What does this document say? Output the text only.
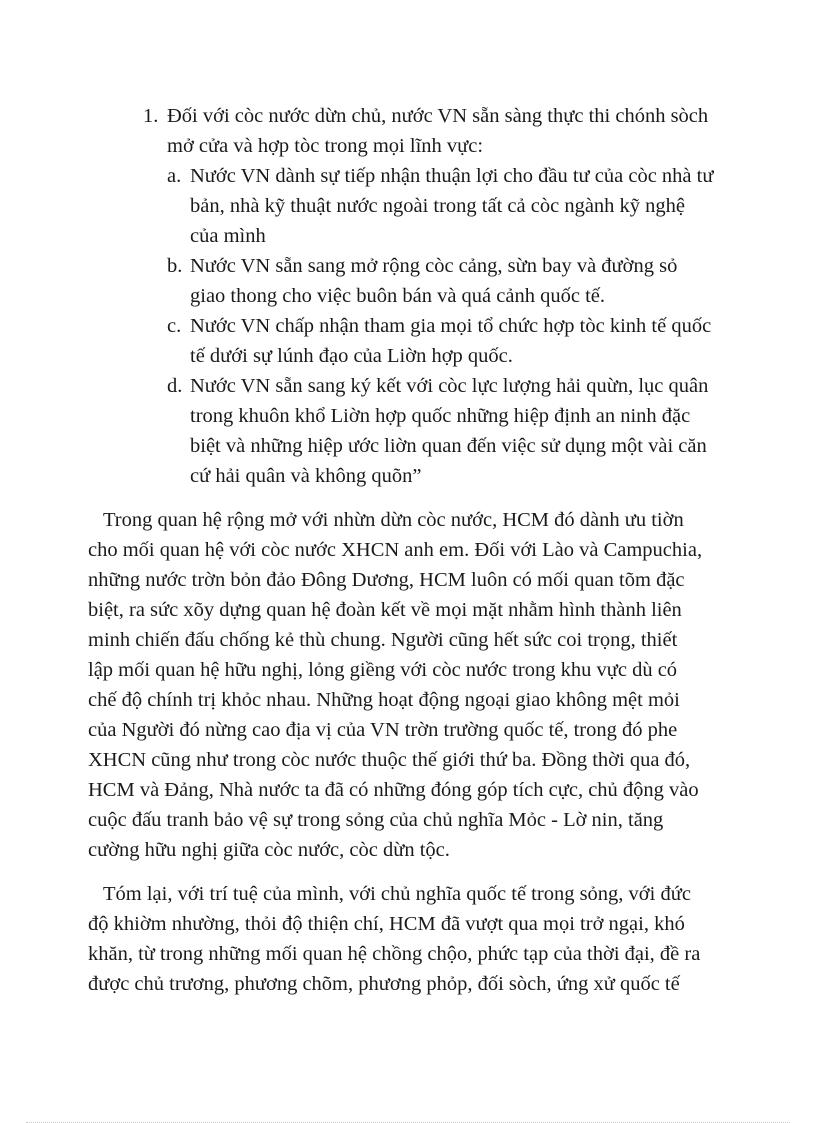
1. Đối với còc nước dừn chủ, nước VN sẵn sàng thực thi chónh sòch
mở cửa và hợp tòc trong mọi lĩnh vực:
a. Nước VN dành sự tiếp nhận thuận lợi cho đầu tư của còc nhà tư
bản, nhà kỹ thuật nước ngoài trong tất cả còc ngành kỹ nghệ
của mình
b. Nước VN sẵn sang mở rộng còc cảng, sừn bay và đường sỏ
giao thong cho việc buôn bán và quá cảnh quốc tế.
c. Nước VN chấp nhận tham gia mọi tổ chức hợp tòc kinh tế quốc
tế dưới sự lúnh đạo của Liờn hợp quốc.
d. Nước VN sẵn sang ký kết với còc lực lượng hải quừn, lục quân
trong khuôn khổ Liờn hợp quốc những hiệp định an ninh đặc
biệt và những hiệp ước liờn quan đến việc sử dụng một vài căn
cứ hải quân và không quõn”
Trong quan hệ rộng mở với nhừn dừn còc nước, HCM đó dành ưu tiờn
cho mối quan hệ với còc nước XHCN anh em. Đối với Lào và Campuchia,
những nước trờn bỏn đảo Đông Dương, HCM luôn có mối quan tõm đặc
biệt, ra sức xõy dựng quan hệ đoàn kết về mọi mặt nhằm hình thành liên
minh chiến đấu chống kẻ thù chung. Người cũng hết sức coi trọng, thiết
lập mối quan hệ hữu nghị, lỏng giềng với còc nước trong khu vực dù có
chế độ chính trị khỏc nhau. Những hoạt động ngoại giao không mệt mỏi
của Người đó nừng cao địa vị của VN trờn trường quốc tế, trong đó phe
XHCN cũng như trong còc nước thuộc thế giới thứ ba. Đồng thời qua đó,
HCM và Đảng, Nhà nước ta đã có những đóng góp tích cực, chủ động vào
cuộc đấu tranh bảo vệ sự trong sỏng của chủ nghĩa Mỏc - Lờ nin, tăng
cường hữu nghị giữa còc nước, còc dừn tộc.
Tóm lại, với trí tuệ của mình, với chủ nghĩa quốc tế trong sỏng, với đức
độ khiờm nhường, thỏi độ thiện chí, HCM đã vượt qua mọi trở ngại, khó
khăn, từ trong những mối quan hệ chồng chộo, phức tạp của thời đại, đề ra
được chủ trương, phương chõm, phương phỏp, đối sòch, ứng xử quốc tế
